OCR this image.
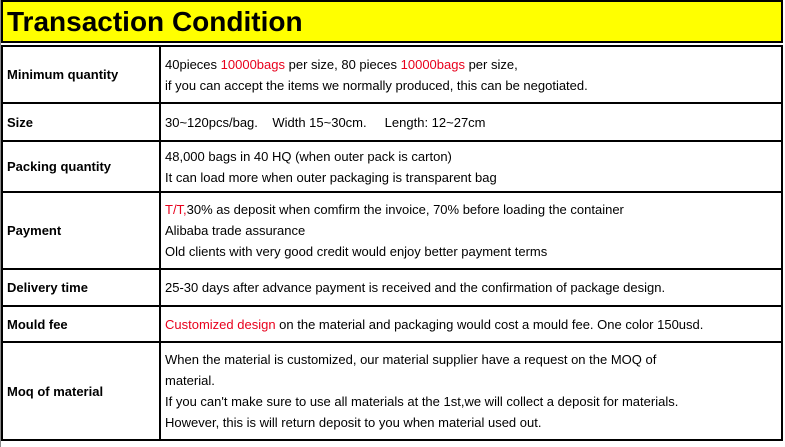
Transaction Condition
Minimum quantity	40pieces 10000bags per size, 80 pieces 10000bags per size,
if you can accept the items we normally produced, this can be negotiated.

Size	30~120pcs/bag.    Width 15~30cm.     Length: 12~27cm

Packing quantity	48,000 bags in 40 HQ (when outer pack is carton)
It can load more when outer packaging is transparent bag

Payment	T/T,30% as deposit when comfirm the invoice, 70% before loading the container
Alibaba trade assurance
Old clients with very good credit would enjoy better payment terms

Delivery time	25-30 days after advance payment is received and the confirmation of package design.

Mould fee	Customized design on the material and packaging would cost a mould fee. One color 150usd.

Moq of material	When the material is customized, our material supplier have a request on the MOQ of
material.
If you can't make sure to use all materials at the 1st,we will collect a deposit for materials.
However, this is will return deposit to you when material used out.
